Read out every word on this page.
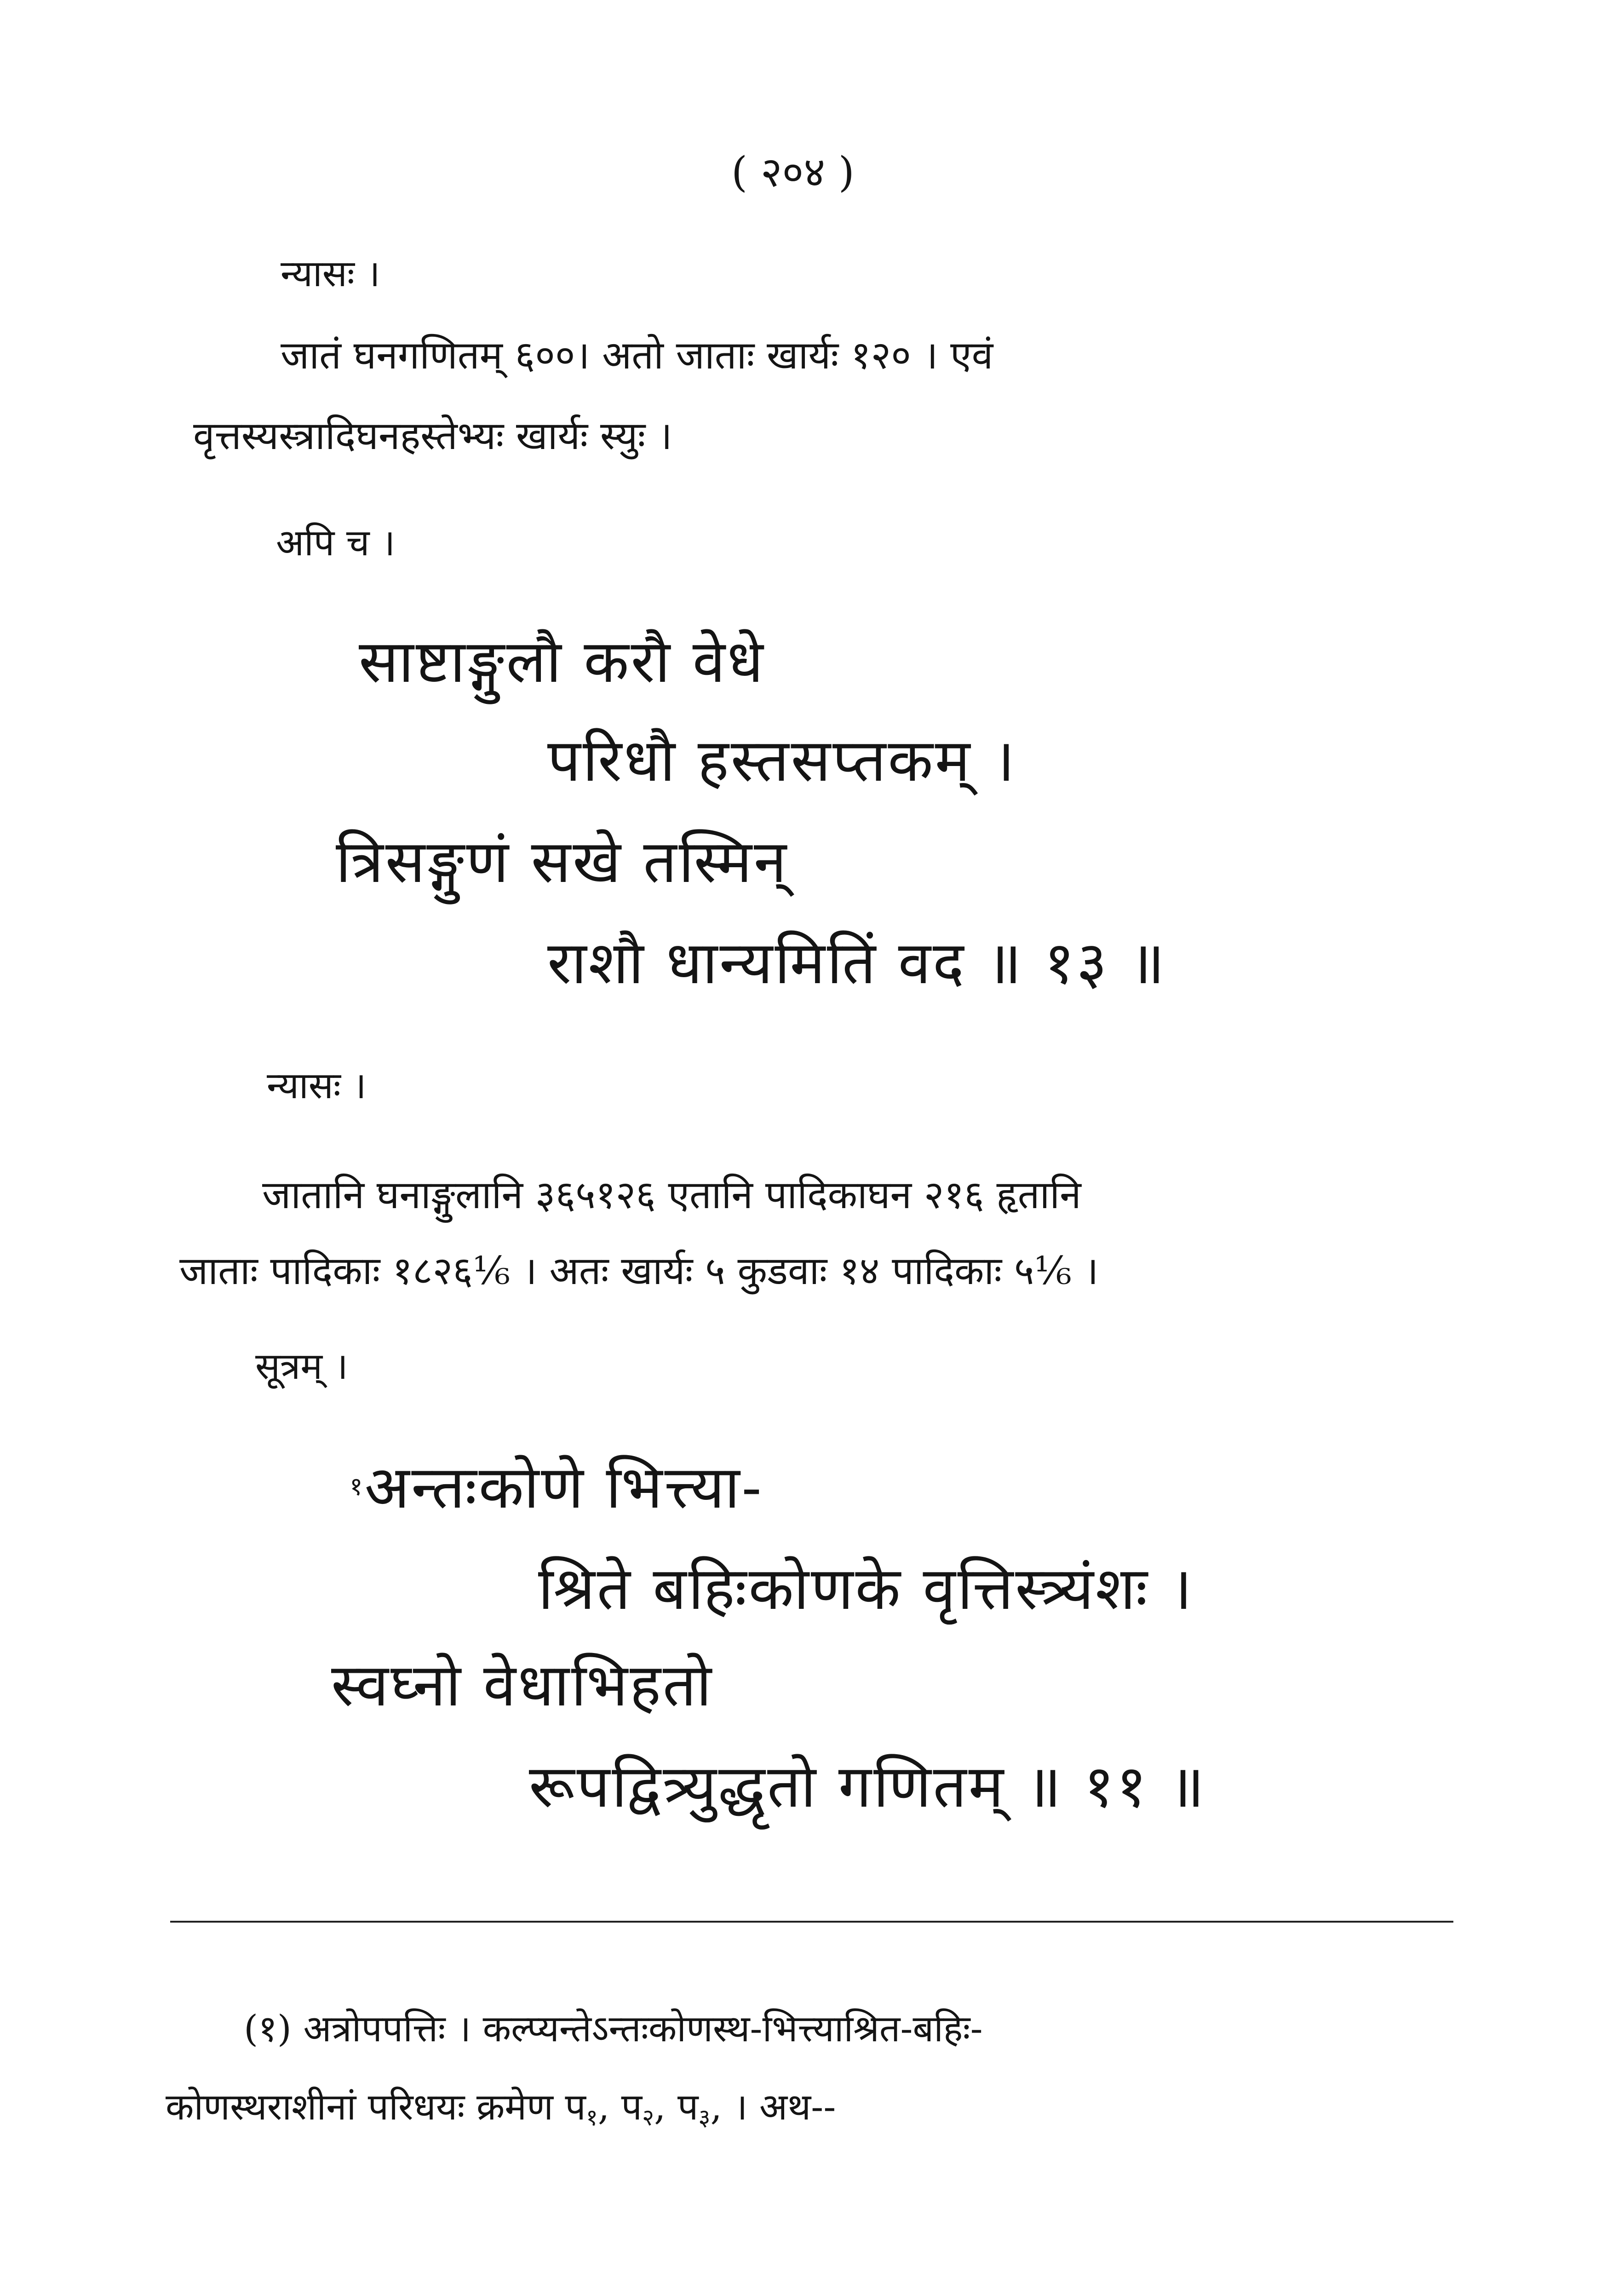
( २०४ )
न्यासः ।
जातं घनगणितम् ६००। अतो जाताः खार्यः १२० । एवं
वृत्तस्यस्त्रादिघनहस्तेभ्यः खार्यः स्युः ।
अपि च ।
साष्टाङ्गुलौ करौ वेधे
परिधौ हस्तसप्तकम् ।
त्रिसङ्गुणं सखे तस्मिन्
राशौ धान्यमितिं वद ॥ १३ ॥
न्यासः ।
जातानि घनाङ्गुलानि ३६५१२६ एतानि पादिकाघन २१६ हृतानि
जाताः पादिकाः १८२६⅙ । अतः खार्यः ५ कुडवाः १४ पादिकाः ५⅙ ।
सूत्रम् ।
$^१$अन्तःकोणे भित्त्या-
श्रिते बहिःकोणके वृत्तिस्त्र्यंशः ।
स्वघ्नो वेधाभिहतो
रूपद्वित्र्युद्धृतो गणितम् ॥ ११ ॥
(१) अत्रोपपत्तिः । कल्प्यन्तेऽन्तःकोणस्थ-भित्त्याश्रित-बहिः-
कोणस्थराशीनां परिधयः क्रमेण प१, प२, प३, । अथ--
